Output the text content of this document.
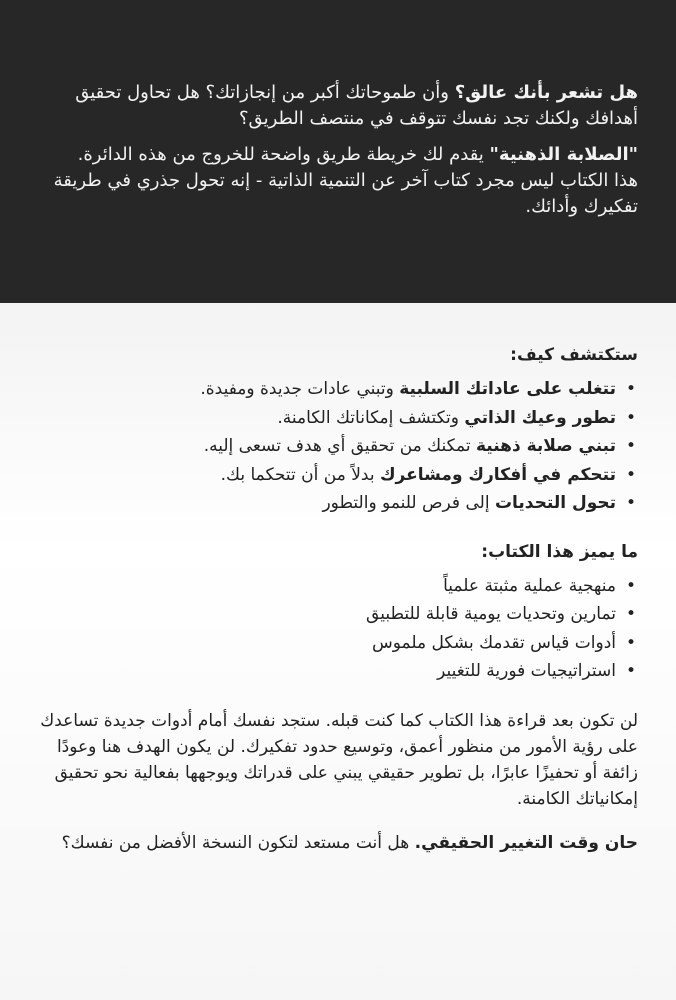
هل تشعر بأنك عالق؟ وأن طموحاتك أكبر من إنجازاتك؟ هل تحاول تحقيق أهدافك ولكنك تجد نفسك تتوقف في منتصف الطريق؟

"الصلابة الذهنية" يقدم لك خريطة طريق واضحة للخروج من هذه الدائرة.

هذا الكتاب ليس مجرد كتاب آخر عن التنمية الذاتية - إنه تحول جذري في طريقة تفكيرك وأدائك.

ستكتشف كيف:
•
تتغلب على عاداتك السلبية وتبني عادات جديدة ومفيدة.
•
تطور وعيك الذاتي وتكتشف إمكاناتك الكامنة.
•
تبني صلابة ذهنية تمكنك من تحقيق أي هدف تسعى إليه.
•
تتحكم في أفكارك ومشاعرك بدلاً من أن تتحكما بك.
•
تحول التحديات إلى فرص للنمو والتطور
ما يميز هذا الكتاب:
•
منهجية عملية مثبتة علمياً
•
تمارين وتحديات يومية قابلة للتطبيق
•
أدوات قياس تقدمك بشكل ملموس
•
استراتيجيات فورية للتغيير

لن تكون بعد قراءة هذا الكتاب كما كنت قبله. ستجد نفسك أمام أدوات جديدة تساعدك على رؤية الأمور من منظور أعمق، وتوسيع حدود تفكيرك. لن يكون الهدف هنا وعودًا زائفة أو تحفيزًا عابرًا، بل تطوير حقيقي يبني على قدراتك ويوجهها بفعالية نحو تحقيق إمكانياتك الكامنة.

حان وقت التغيير الحقيقي. هل أنت مستعد لتكون النسخة الأفضل من نفسك؟
